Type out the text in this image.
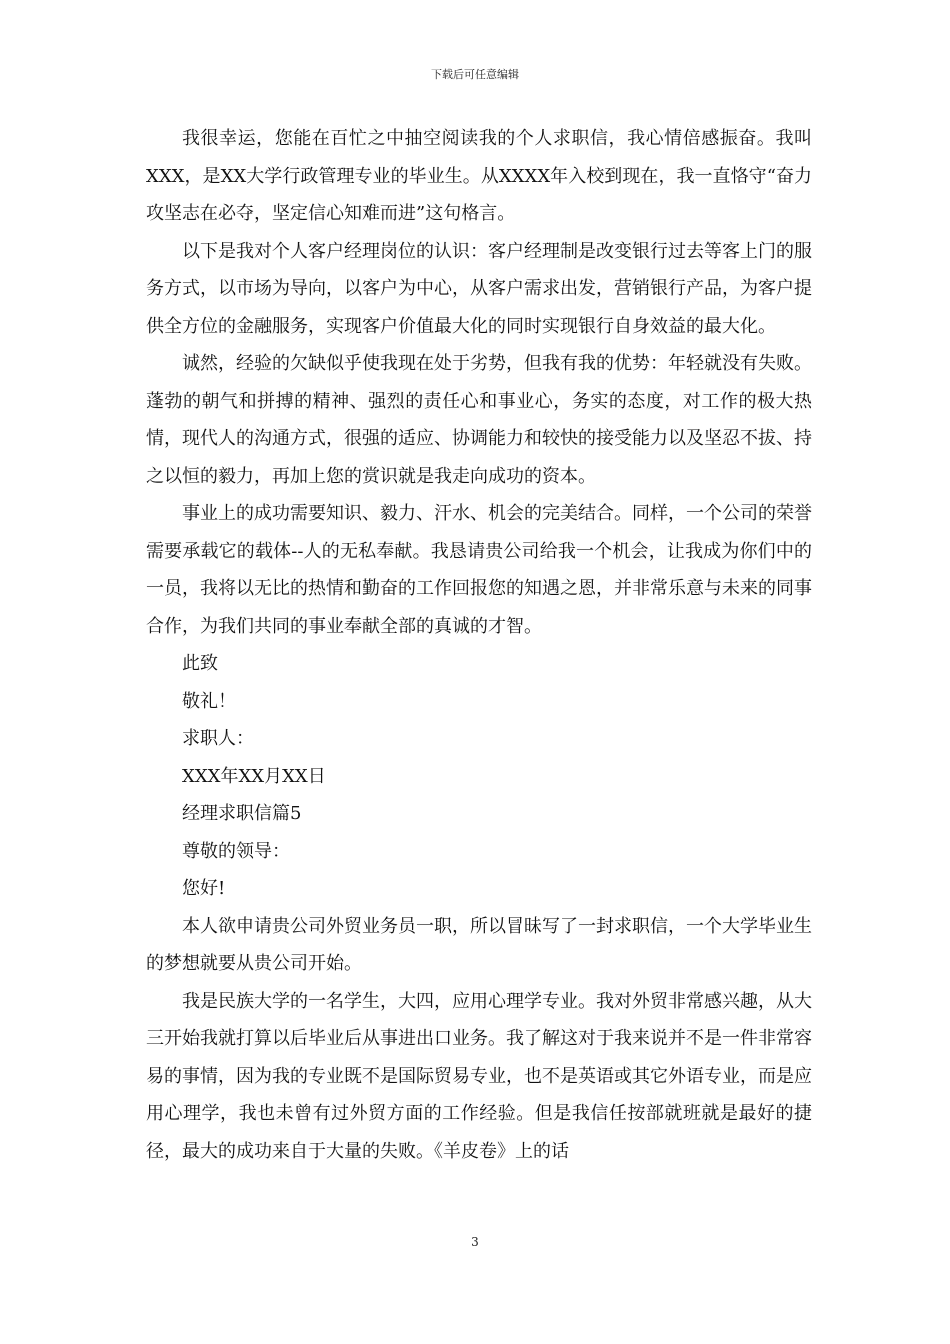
下载后可任意编辑

我很幸运，您能在百忙之中抽空阅读我的个人求职信，我心情倍感振奋。我叫XXX，是XX大学行政管理专业的毕业生。从XXXX年入校到现在，我一直恪守“奋力攻坚志在必夺，坚定信心知难而进”这句格言。

以下是我对个人客户经理岗位的认识：客户经理制是改变银行过去等客上门的服务方式，以市场为导向，以客户为中心，从客户需求出发，营销银行产品，为客户提供全方位的金融服务，实现客户价值最大化的同时实现银行自身效益的最大化。

诚然，经验的欠缺似乎使我现在处于劣势，但我有我的优势：年轻就没有失败。蓬勃的朝气和拼搏的精神、强烈的责任心和事业心，务实的态度，对工作的极大热情，现代人的沟通方式，很强的适应、协调能力和较快的接受能力以及坚忍不拔、持之以恒的毅力，再加上您的赏识就是我走向成功的资本。

事业上的成功需要知识、毅力、汗水、机会的完美结合。同样，一个公司的荣誉需要承载它的载体--人的无私奉献。我恳请贵公司给我一个机会，让我成为你们中的一员，我将以无比的热情和勤奋的工作回报您的知遇之恩，并非常乐意与未来的同事合作，为我们共同的事业奉献全部的真诚的才智。

此致

敬礼！

求职人：

XXX年XX月XX日

经理求职信篇5

尊敬的领导：

您好!

本人欲申请贵公司外贸业务员一职，所以冒昧写了一封求职信，一个大学毕业生的梦想就要从贵公司开始。

我是民族大学的一名学生，大四，应用心理学专业。我对外贸非常感兴趣，从大三开始我就打算以后毕业后从事进出口业务。我了解这对于我来说并不是一件非常容易的事情，因为我的专业既不是国际贸易专业，也不是英语或其它外语专业，而是应用心理学，我也未曾有过外贸方面的工作经验。但是我信任按部就班就是最好的捷径，最大的成功来自于大量的失败。《羊皮卷》上的话

3
